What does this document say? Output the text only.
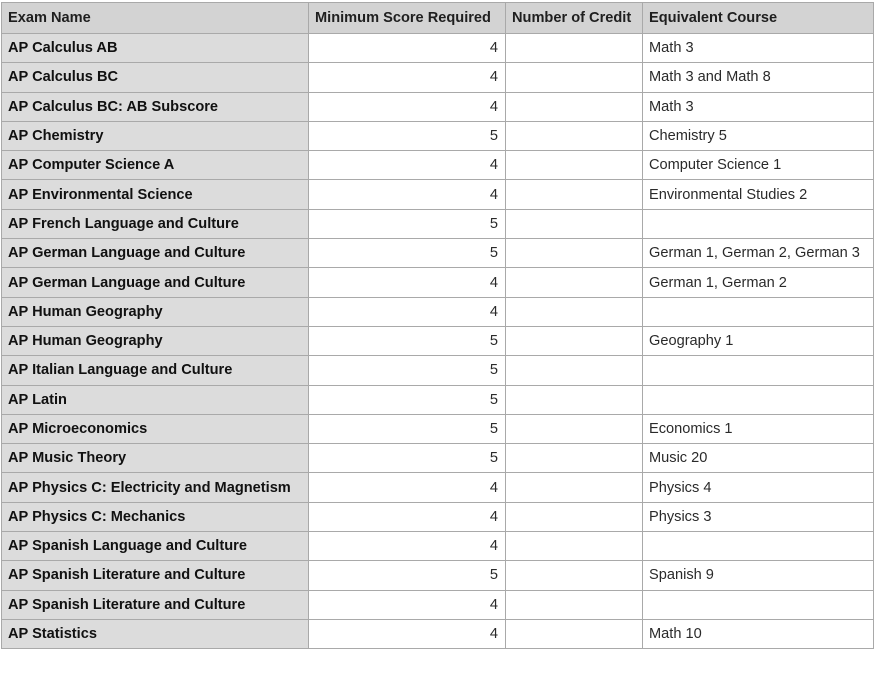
Exam Name	Minimum Score Required	Number of Credit	Equivalent Course
AP Calculus AB	4		Math 3
AP Calculus BC	4		Math 3 and Math 8
AP Calculus BC: AB Subscore	4		Math 3
AP Chemistry	5		Chemistry 5
AP Computer Science A	4		Computer Science 1
AP Environmental Science	4		Environmental Studies 2
AP French Language and Culture	5		
AP German Language and Culture	5		German 1, German 2, German 3
AP German Language and Culture	4		German 1, German 2
AP Human Geography	4		
AP Human Geography	5		Geography 1
AP Italian Language and Culture	5		
AP Latin	5		
AP Microeconomics	5		Economics 1
AP Music Theory	5		Music 20
AP Physics C: Electricity and Magnetism	4		Physics 4
AP Physics C: Mechanics	4		Physics 3
AP Spanish Language and Culture	4		
AP Spanish Literature and Culture	5		Spanish 9
AP Spanish Literature and Culture	4		
AP Statistics	4		Math 10
